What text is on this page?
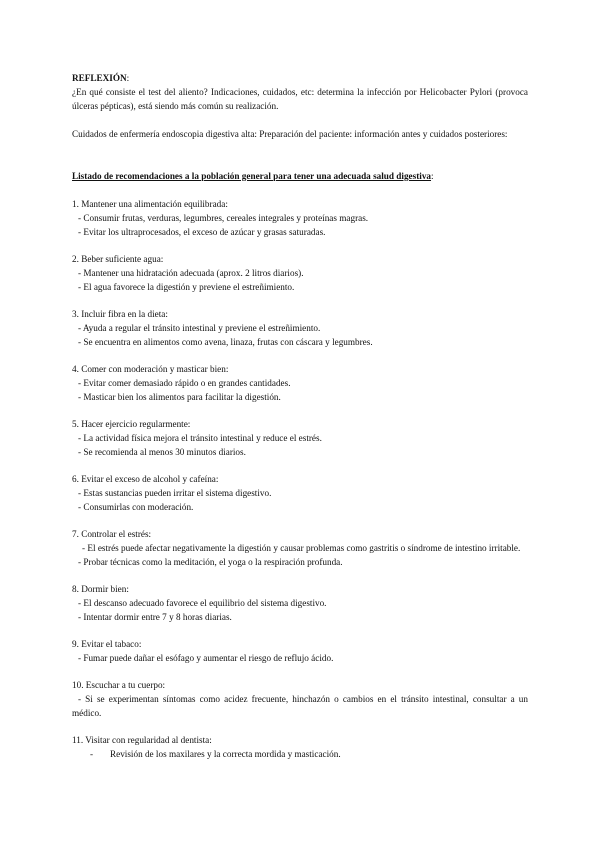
REFLEXIÓN:

¿En qué consiste el test del aliento? Indicaciones, cuidados, etc: determina la infección por Helicobacter Pylori (provoca úlceras pépticas), está siendo más común su realización.

Cuidados de enfermería endoscopia digestiva alta: Preparación del paciente: información antes y cuidados posteriores:

Listado de recomendaciones a la población general para tener una adecuada salud digestiva:

1. Mantener una alimentación equilibrada:

- Consumir frutas, verduras, legumbres, cereales integrales y proteínas magras.

- Evitar los ultraprocesados, el exceso de azúcar y grasas saturadas.

2. Beber suficiente agua:

- Mantener una hidratación adecuada (aprox. 2 litros diarios).

- El agua favorece la digestión y previene el estreñimiento.

3. Incluir fibra en la dieta:

- Ayuda a regular el tránsito intestinal y previene el estreñimiento.

- Se encuentra en alimentos como avena, linaza, frutas con cáscara y legumbres.

4. Comer con moderación y masticar bien:

- Evitar comer demasiado rápido o en grandes cantidades.

- Masticar bien los alimentos para facilitar la digestión.

5. Hacer ejercicio regularmente:

- La actividad física mejora el tránsito intestinal y reduce el estrés.

- Se recomienda al menos 30 minutos diarios.

6. Evitar el exceso de alcohol y cafeína:

- Estas sustancias pueden irritar el sistema digestivo.

- Consumirlas con moderación.

7. Controlar el estrés:

- El estrés puede afectar negativamente la digestión y causar problemas como gastritis o síndrome de intestino irritable.

- Probar técnicas como la meditación, el yoga o la respiración profunda.

8. Dormir bien:

- El descanso adecuado favorece el equilibrio del sistema digestivo.

- Intentar dormir entre 7 y 8 horas diarias.

9. Evitar el tabaco:

- Fumar puede dañar el esófago y aumentar el riesgo de reflujo ácido.

10. Escuchar a tu cuerpo:

- Si se experimentan síntomas como acidez frecuente, hinchazón o cambios en el tránsito intestinal, consultar a un médico.

11. Visitar con regularidad al dentista:

-	Revisión de los maxilares y la correcta mordida y masticación.
